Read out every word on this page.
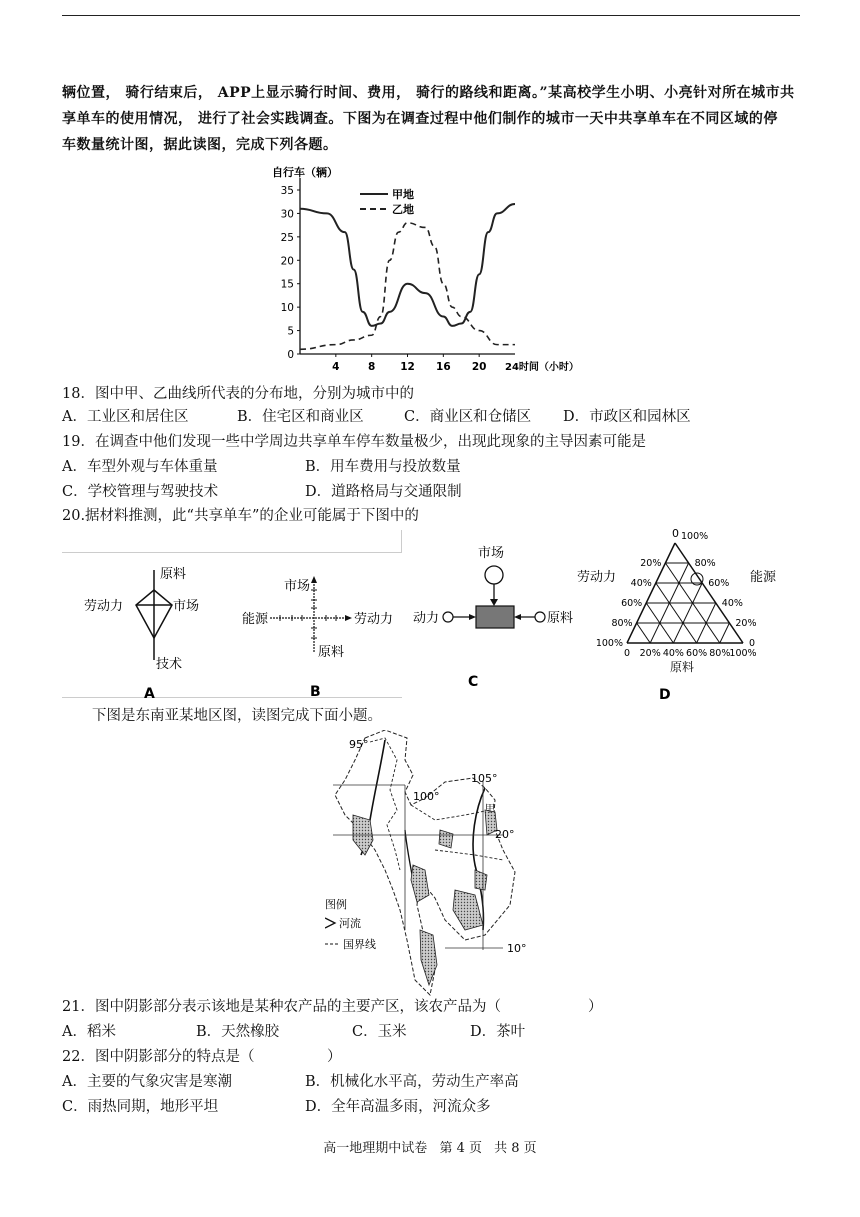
辆位置， 骑行结束后， APP上显示骑行时间、费用， 骑行的路线和距离。”某高校学生小明、小亮针对所在城市共
享单车的使用情况， 进行了社会实践调查。下图为在调查过程中他们制作的城市一天中共享单车在不同区域的停
车数量统计图，据此读图，完成下列各题。
自行车（辆）
24时间（小时）
0
5
10
15
20
25
30
35
4	8 12 16 20
甲地
乙地
18．图中甲、乙曲线所代表的分布地，分别为城市中的
A．工业区和居住区	B．住宅区和商业区	C．商业区和仓储区 D．市政区和园林区
19．在调查中他们发现一些中学周边共享单车停车数量极少，出现此现象的主导因素可能是
A．车型外观与车体重量	B．用车费用与投放数量
C．学校管理与驾驶技术	D．道路格局与交通限制
20.据材料推测，此“共享单车”的企业可能属于下图中的
原料
劳动力	市场
技术
A
市场
能源	劳动力
原料
B
市场
动力	原料
C
0
劳动力	能源
原料
20%
40%
60%
80%
100%
100%
80%
60%
40%
20%
0
0 20% 40% 60% 80% 100%
D
下图是东南亚某地区图，读图完成下面小题。
95°
100°
105°
20°
10°
甲
图例
河流
国界线
21．图中阴影部分表示该地是某种农产品的主要产区，该农产品为（　　　　　　）
A．稻米	B．天然橡胶	C．玉米	D．茶叶
22．图中阴影部分的特点是（　　　　　）
A．主要的气象灾害是寒潮	B．机械化水平高，劳动生产率高
C．雨热同期，地形平坦	D．全年高温多雨，河流众多
高一地理期中试卷 第 4 页 共 8 页
